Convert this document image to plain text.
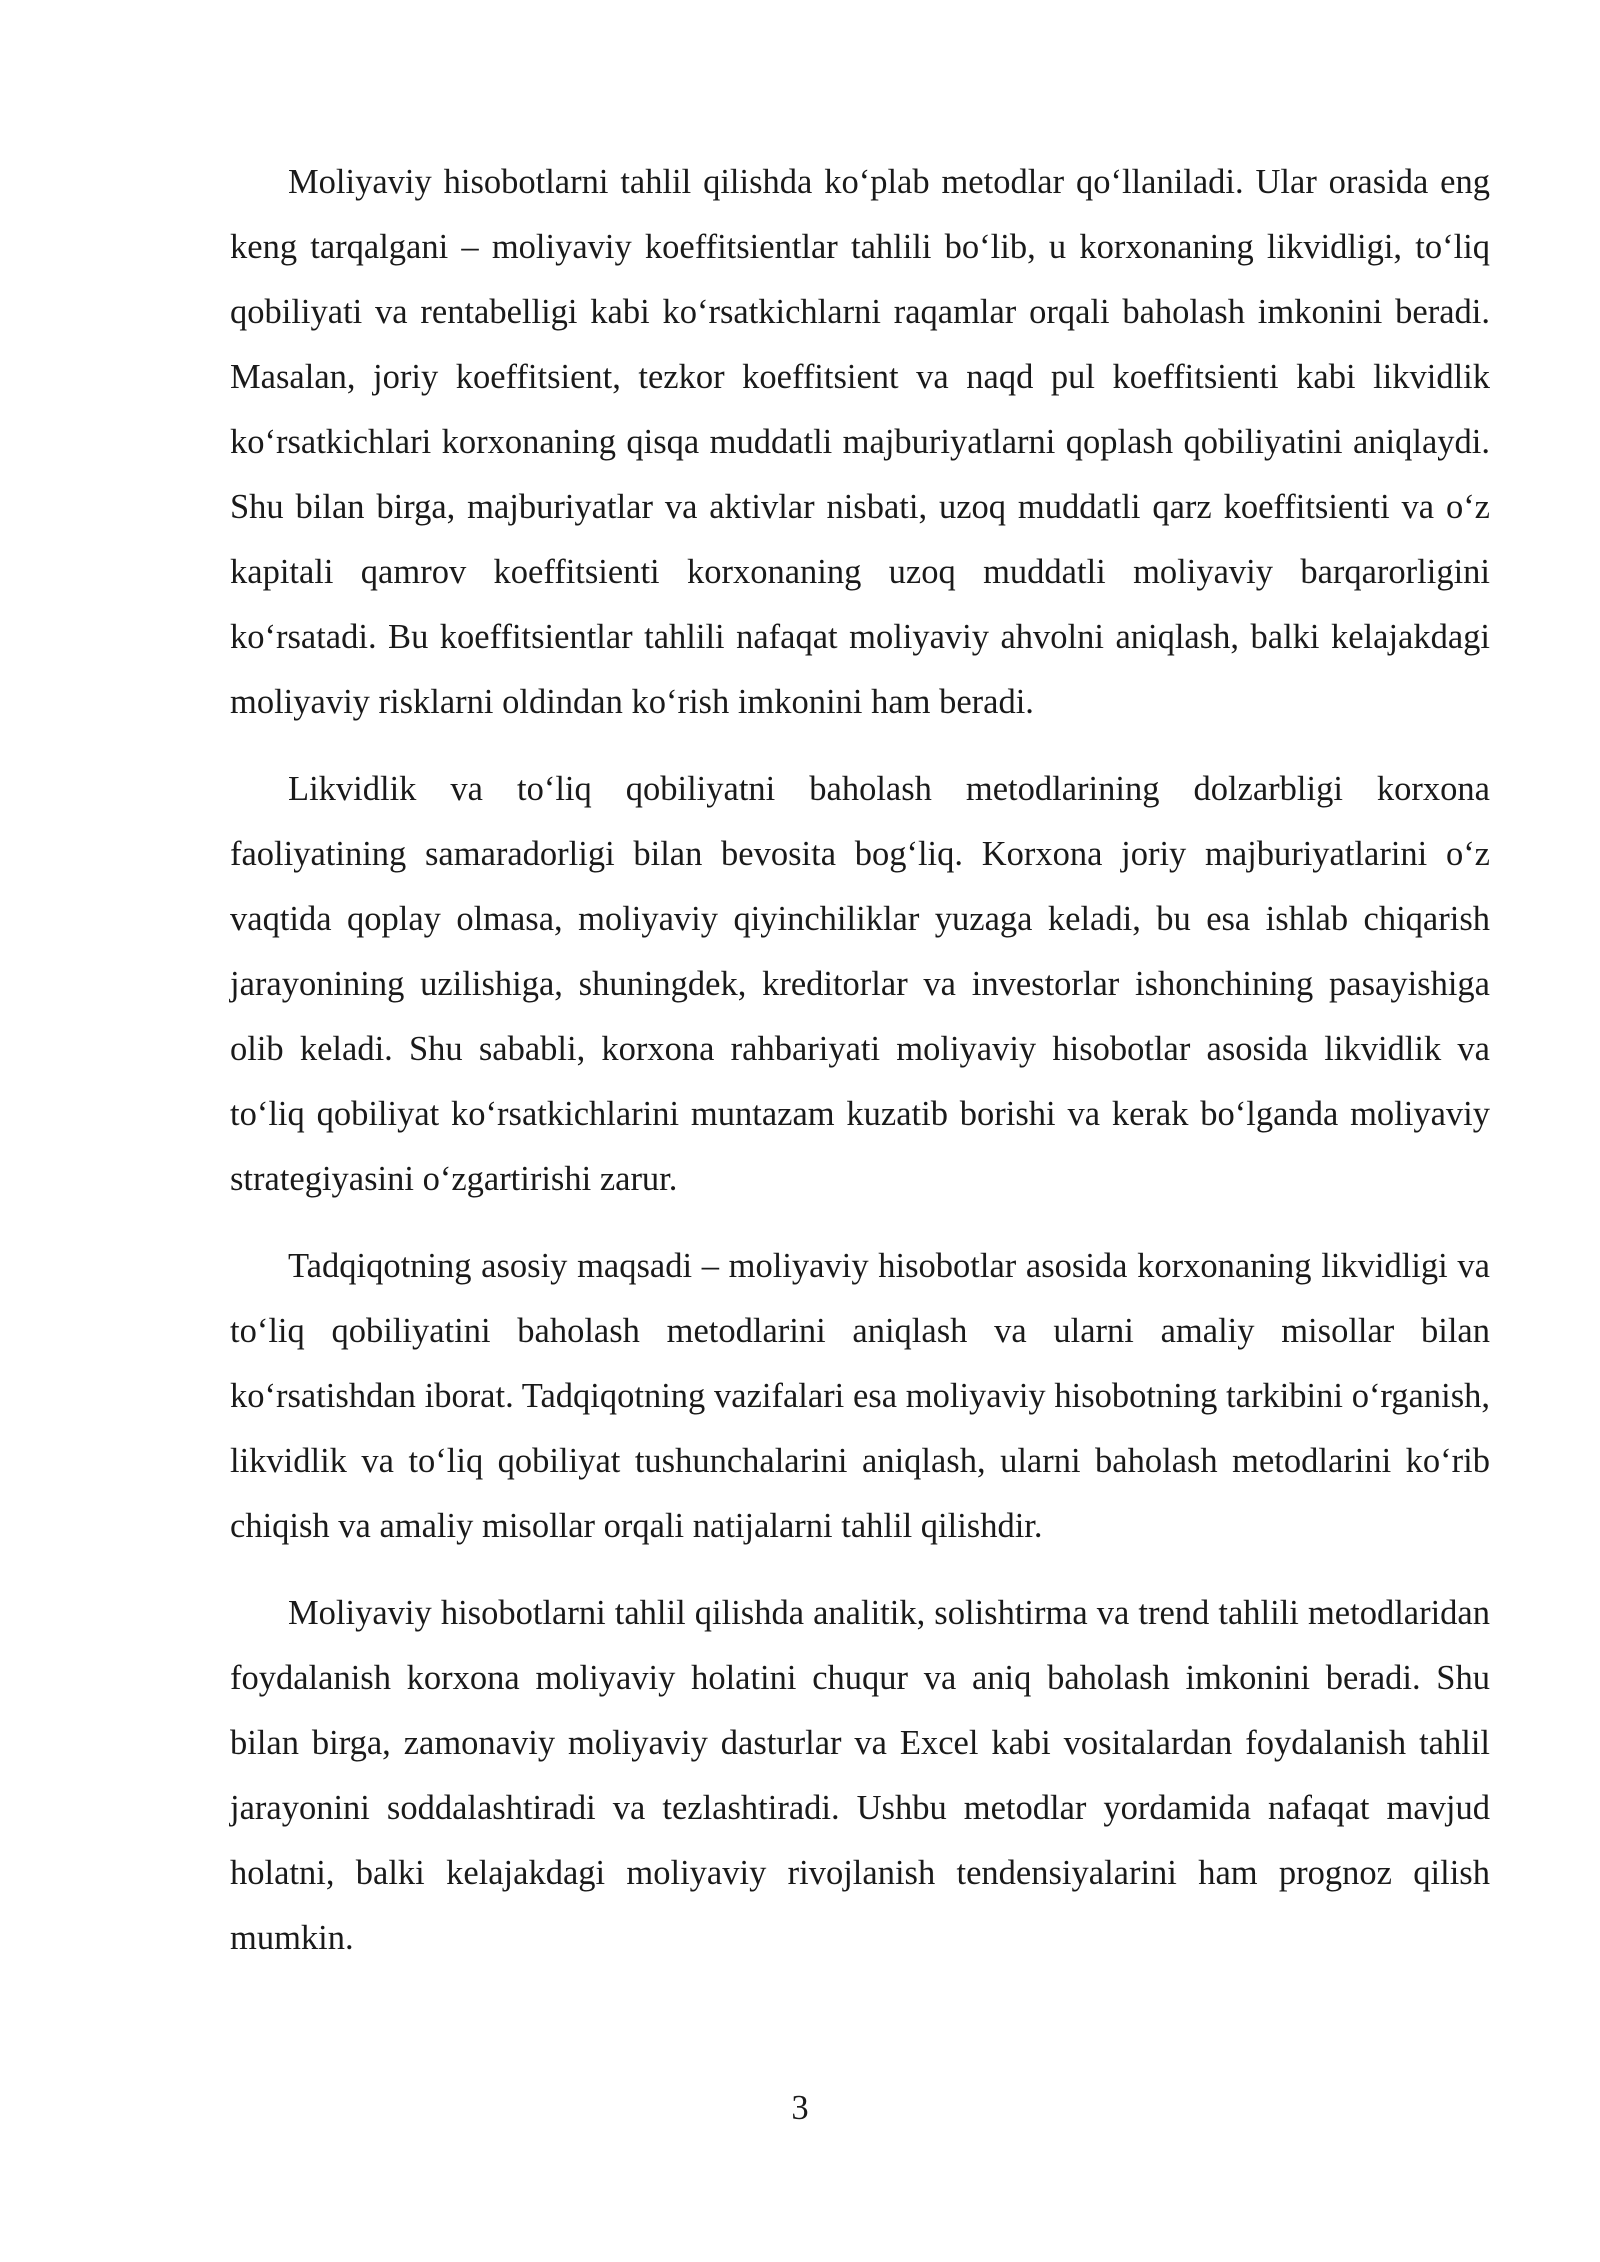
Moliyaviy hisobotlarni tahlil qilishda koʻplab metodlar qoʻllaniladi. Ular orasida eng keng tarqalgani – moliyaviy koeffitsientlar tahlili boʻlib, u korxonaning likvidligi, toʻliq qobiliyati va rentabelligi kabi koʻrsatkichlarni raqamlar orqali baholash imkonini beradi. Masalan, joriy koeffitsient, tezkor koeffitsient va naqd pul koeffitsienti kabi likvidlik koʻrsatkichlari korxonaning qisqa muddatli majburiyatlarni qoplash qobiliyatini aniqlaydi. Shu bilan birga, majburiyatlar va aktivlar nisbati, uzoq muddatli qarz koeffitsienti va oʻz kapitali qamrov koeffitsienti korxonaning uzoq muddatli moliyaviy barqarorligini koʻrsatadi. Bu koeffitsientlar tahlili nafaqat moliyaviy ahvolni aniqlash, balki kelajakdagi moliyaviy risklarni oldindan koʻrish imkonini ham beradi.

Likvidlik va toʻliq qobiliyatni baholash metodlarining dolzarbligi korxona faoliyatining samaradorligi bilan bevosita bogʻliq. Korxona joriy majburiyatlarini oʻz vaqtida qoplay olmasa, moliyaviy qiyinchiliklar yuzaga keladi, bu esa ishlab chiqarish jarayonining uzilishiga, shuningdek, kreditorlar va investorlar ishonchining pasayishiga olib keladi. Shu sababli, korxona rahbariyati moliyaviy hisobotlar asosida likvidlik va toʻliq qobiliyat koʻrsatkichlarini muntazam kuzatib borishi va kerak boʻlganda moliyaviy strategiyasini oʻzgartirishi zarur.

Tadqiqotning asosiy maqsadi – moliyaviy hisobotlar asosida korxonaning likvidligi va toʻliq qobiliyatini baholash metodlarini aniqlash va ularni amaliy misollar bilan koʻrsatishdan iborat. Tadqiqotning vazifalari esa moliyaviy hisobotning tarkibini oʻrganish, likvidlik va toʻliq qobiliyat tushunchalarini aniqlash, ularni baholash metodlarini koʻrib chiqish va amaliy misollar orqali natijalarni tahlil qilishdir.

Moliyaviy hisobotlarni tahlil qilishda analitik, solishtirma va trend tahlili metodlaridan foydalanish korxona moliyaviy holatini chuqur va aniq baholash imkonini beradi. Shu bilan birga, zamonaviy moliyaviy dasturlar va Excel kabi vositalardan foydalanish tahlil jarayonini soddalashtiradi va tezlashtiradi. Ushbu metodlar yordamida nafaqat mavjud holatni, balki kelajakdagi moliyaviy rivojlanish tendensiyalarini ham prognoz qilish mumkin.

3
